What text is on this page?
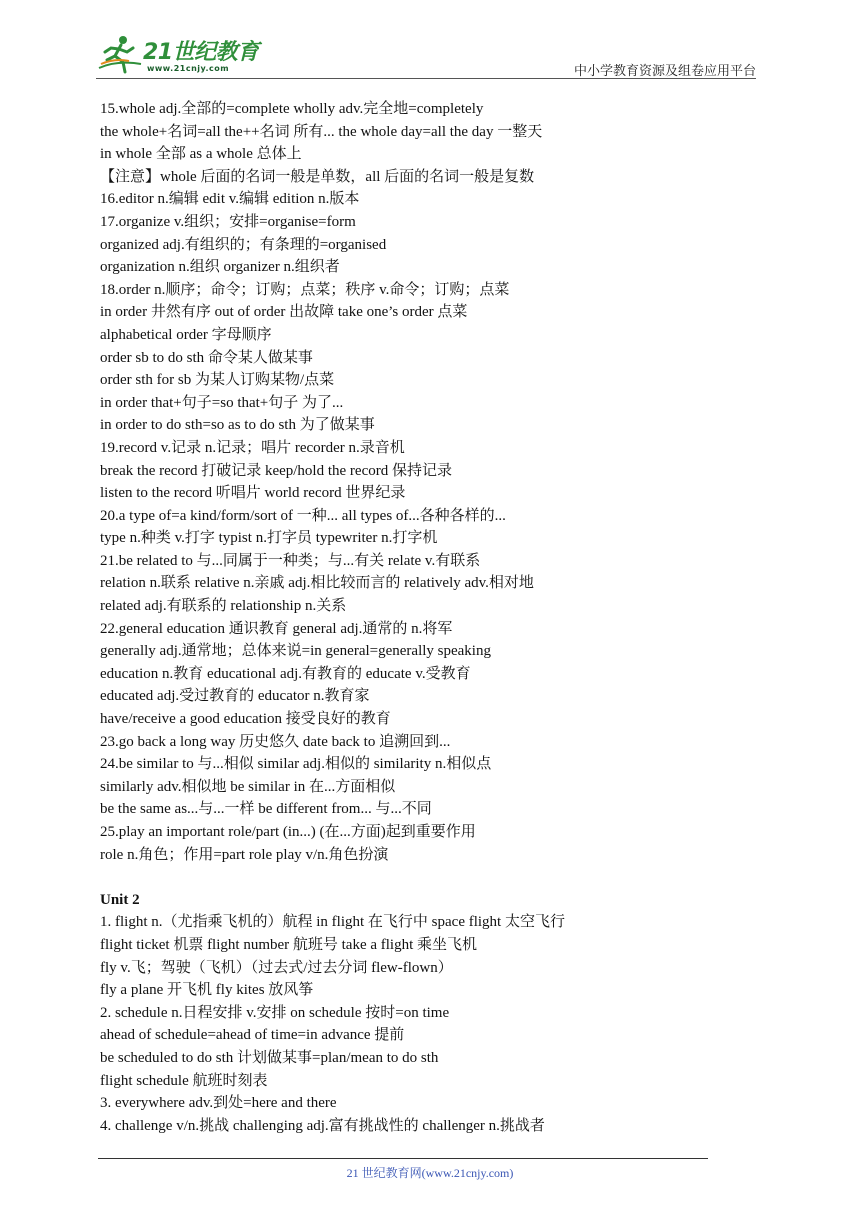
21世纪教育
www.21cnjy.com	中小学教育资源及组卷应用平台
15.whole adj.全部的=complete wholly adv.完全地=completely
the whole+名词=all the++名词 所有... the whole day=all the day 一整天
in whole 全部 as a whole 总体上
【注意】whole 后面的名词一般是单数，all 后面的名词一般是复数
16.editor n.编辑 edit v.编辑 edition n.版本
17.organize v.组织；安排=organise=form
organized adj.有组织的；有条理的=organised
organization n.组织 organizer n.组织者
18.order n.顺序；命令；订购；点菜；秩序 v.命令；订购；点菜
in order 井然有序 out of order 出故障 take one’s order 点菜
alphabetical order 字母顺序
order sb to do sth 命令某人做某事
order sth for sb 为某人订购某物/点菜
in order that+句子=so that+句子 为了...
in order to do sth=so as to do sth 为了做某事
19.record v.记录 n.记录；唱片 recorder n.录音机
break the record 打破记录 keep/hold the record 保持记录
listen to the record 听唱片 world record 世界纪录
20.a type of=a kind/form/sort of 一种... all types of...各种各样的...
type n.种类 v.打字 typist n.打字员 typewriter n.打字机
21.be related to 与...同属于一种类；与...有关 relate v.有联系
relation n.联系 relative n.亲戚 adj.相比较而言的 relatively adv.相对地
related adj.有联系的 relationship n.关系
22.general education 通识教育 general adj.通常的 n.将军
generally adj.通常地；总体来说=in general=generally speaking
education n.教育 educational adj.有教育的 educate v.受教育
educated adj.受过教育的 educator n.教育家
have/receive a good education 接受良好的教育
23.go back a long way 历史悠久 date back to 追溯回到...
24.be similar to 与...相似 similar adj.相似的 similarity n.相似点
similarly adv.相似地 be similar in 在...方面相似
be the same as...与...一样 be different from... 与...不同
25.play an important role/part (in...) (在...方面)起到重要作用
role n.角色；作用=part role play v/n.角色扮演
Unit 2
1. flight n.（尤指乘飞机的）航程 in flight 在飞行中 space flight 太空飞行
flight ticket 机票 flight number 航班号 take a flight 乘坐飞机
fly v.飞；驾驶（飞机）（过去式/过去分词 flew-flown）
fly a plane 开飞机 fly kites 放风筝
2. schedule n.日程安排 v.安排 on schedule 按时=on time
ahead of schedule=ahead of time=in advance 提前
be scheduled to do sth 计划做某事=plan/mean to do sth
flight schedule 航班时刻表
3. everywhere adv.到处=here and there
4. challenge v/n.挑战 challenging adj.富有挑战性的 challenger n.挑战者
21 世纪教育网(www.21cnjy.com)
